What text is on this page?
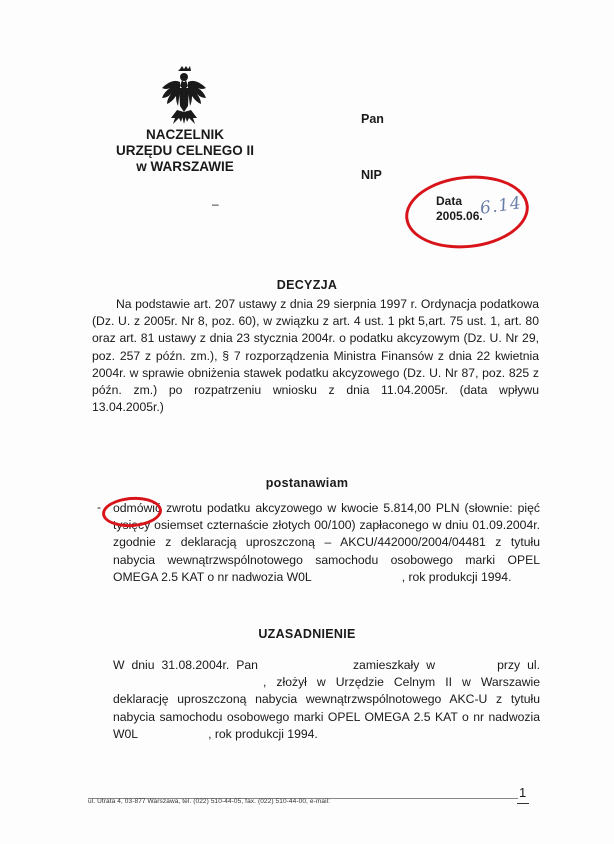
NACZELNIK
URZĘDU CELNEGO II
w WARSZAWIE
–
Pan
NIP
Data
2005.06.
6.14
DECYZJA
Na podstawie art. 207 ustawy z dnia 29 sierpnia 1997 r. Ordynacja podatkowa (Dz. U. z 2005r. Nr 8, poz. 60), w związku z art. 4 ust. 1 pkt 5,art. 75 ust. 1, art. 80 oraz art. 81 ustawy z dnia 23 stycznia 2004r. o podatku akcyzowym (Dz. U. Nr 29, poz. 257 z późn. zm.), § 7 rozporządzenia Ministra Finansów z dnia 22 kwietnia 2004r. w sprawie obniżenia stawek podatku akcyzowego (Dz. U. Nr 87, poz. 825 z późn. zm.) po rozpatrzeniu wniosku z dnia 11.04.2005r. (data wpływu 13.04.2005r.)
postanawiam
- odmówić zwrotu podatku akcyzowego w kwocie 5.814,00 PLN (słownie: pięć tysięcy osiemset czternaście złotych 00/100) zapłaconego w dniu 01.09.2004r. zgodnie z deklaracją uproszczoną – AKCU/442000/2004/04481 z tytułu nabycia wewnątrzwspólnotowego samochodu osobowego marki OPEL OMEGA 2.5 KAT o nr nadwozia W0L	, rok produkcji 1994.
UZASADNIENIE
W dniu 31.08.2004r. Pan	zamieszkały w	przy ul., złożył w Urzędzie Celnym II w Warszawie deklarację uproszczoną nabycia wewnątrzwspólnotowego AKC-U z tytułu nabycia samochodu osobowego marki OPEL OMEGA 2.5 KAT o nr nadwozia W0L	, rok produkcji 1994.
ul. Utrata 4, 03-877 Warszawa, tel. (022) 510-44-05, fax. (022) 510-44-00, e-mail:
1
